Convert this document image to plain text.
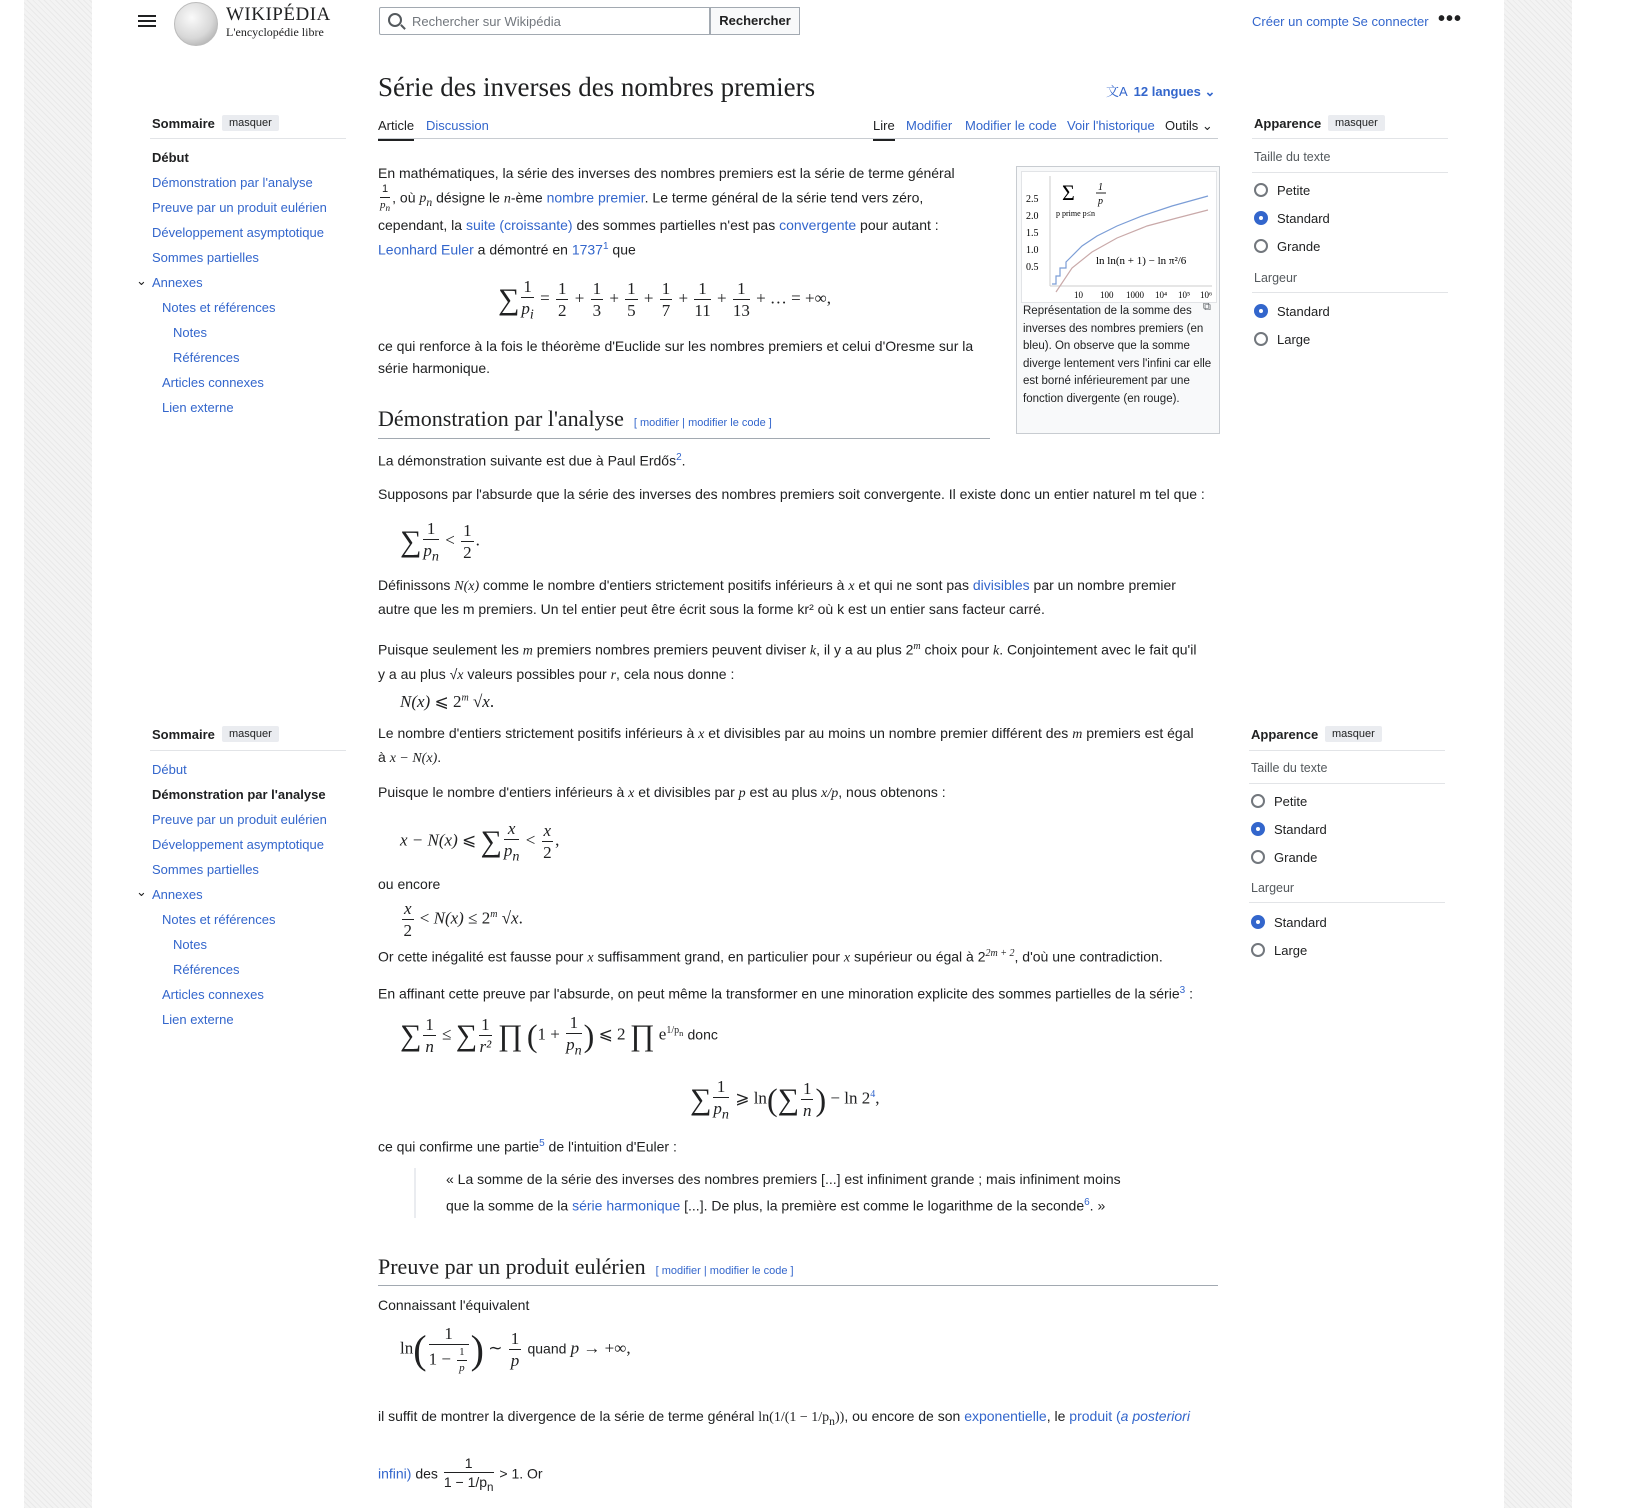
WIKIPÉDIA
L'encyclopédie libre
Rechercher sur Wikipédia	Rechercher	Créer un compte Se connecter •••
Série des inverses des nombres premiers	文A 12 langues ⌄
Article Discussion	Lire Modifier Modifier le code Voir l'historique Outils ⌄
Sommaire	masquer
Début
Démonstration par l'analyse
Preuve par un produit eulérien
Développement asymptotique
Sommes partielles
⌄ Annexes
Notes et références
Notes
Références
Articles connexes
Lien externe
Sommaire	masquer
Début
Démonstration par l'analyse
Preuve par un produit eulérien
Développement asymptotique
Sommes partielles
⌄ Annexes
Notes et références
Notes
Références
Articles connexes
Lien externe
Apparence	masquer
Taille du texte
Petite
Standard
Grande
Largeur
Standard
Large
Apparence	masquer
Taille du texte
Petite
Standard
Grande
Largeur
Standard
Large
2.5
2.0
1.5
1.0
0.5
Σ
p prime p≤n
1
p
ln ln(n + 1) − ln π²/6
10 100 1000 10⁴ 10⁵ 10⁶
Représentation de la somme des inverses des nombres premiers (en bleu). On observe que la somme diverge lentement vers l'infini car elle est borné inférieurement par une fonction divergente (en rouge).
⧉
En mathématiques, la série des inverses des nombres premiers est la série de terme général

$\frac{1}{p_n}$ , où $p_n$ désigne le n-ème nombre premier. Le terme général de la série tend vers zéro,
cependant, la suite (croissante) des sommes partielles n'est pas convergente pour autant :
Leonhard Euler a démontré en 1737$^1$ que
∑ $\frac{1}{p_i} = \frac{1}{2} + \frac{1}{3} + \frac{1}{5} + \frac{1}{7} + \frac{1}{11} + \frac{1}{13}$ + … = +∞,
ce qui renforce à la fois le théorème d'Euclide sur les nombres premiers et celui d'Oresme sur la série harmonique.
Démonstration par l'analyse [ modifier | modifier le code ]
La démonstration suivante est due à Paul Erdős$^2$.
Supposons par l'absurde que la série des inverses des nombres premiers soit convergente. Il existe donc un entier naturel m tel que :
∑ $\frac{1}{p_n} < \frac{1}{2}$ .
Définissons N(x) comme le nombre d'entiers strictement positifs inférieurs à x et qui ne sont pas divisibles par un nombre premier
autre que les m premiers. Un tel entier peut être écrit sous la forme kr² où k est un entier sans facteur carré.
Puisque seulement les m premiers nombres premiers peuvent diviser k, il y a au plus 2$^m$ choix pour k. Conjointement avec le fait qu'il
y a au plus √x valeurs possibles pour r, cela nous donne :
N(x) ⩽ 2$^m$ √x.
Le nombre d'entiers strictement positifs inférieurs à x et divisibles par au moins un nombre premier différent des m premiers est égal
à x − N(x).
Puisque le nombre d'entiers inférieurs à x et divisibles par p est au plus x/p, nous obtenons :
x − N(x) ⩽ ∑ $\frac{x}{p_n} < \frac{x}{2}$ ,
ou encore
$\frac{x}{2} < N(x) \le 2^m$ √x.
Or cette inégalité est fausse pour x suffisamment grand, en particulier pour x supérieur ou égal à $2^{2m + 2}$, d'où une contradiction.
En affinant cette preuve par l'absurde, on peut même la transformer en une minoration explicite des sommes partielles de la série$^3$ :
∑ $\frac{1}{n}$ ≤ ∑ $\frac{1}{\text{r²}}$ ∏ ($1 + \frac{1}{p_n}$ ) ⩽ 2 ∏ $e^{1/p_n}$ donc
∑ $\frac{1}{p_n}$ ⩾ $\ln(\sum \frac{1}{n}$ ) − $\ln 2^4$,
ce qui confirme une partie$^5$ de l'intuition d'Euler :
« La somme de la série des inverses des nombres premiers [...] est infiniment grande ; mais infiniment moins
que la somme de la série harmonique [...]. De plus, la première est comme le logarithme de la seconde$^6$. »
Preuve par un produit eulérien [ modifier | modifier le code ]
Connaissant l'équivalent
$\ln( \frac{1}{1 - \frac{1}{p}}$ ) ∼ $\frac{1}{p}$ quand p → +∞,
il suffit de montrer la divergence de la série de terme général $\ln(1/(1 - 1/p_n))$, ou encore de son exponentielle, le produit (a posteriori
infini) des $\frac{1}{1 - 1/p_n} > 1$. Or
